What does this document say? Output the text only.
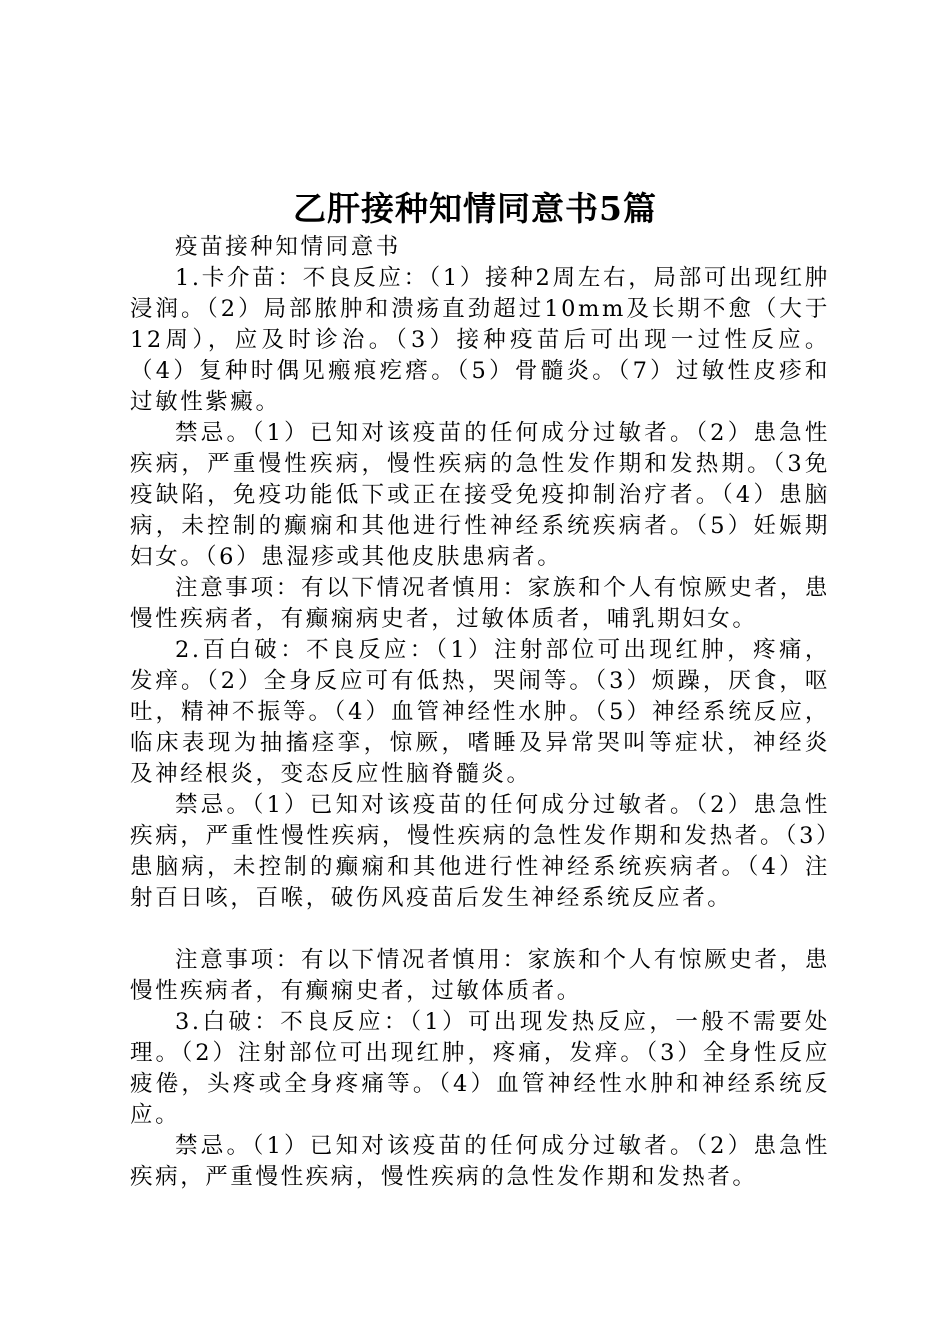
乙肝接种知情同意书5篇

疫苗接种知情同意书

1.卡介苗：不良反应：（1）接种2周左右，局部可出现红肿浸润。（2）局部脓肿和溃疡直劲超过10mm及长期不愈（大于12周），应及时诊治。（3）接种疫苗后可出现一过性反应。（4）复种时偶见瘢痕疙瘩。（5）骨髓炎。（7）过敏性皮疹和过敏性紫癜。

禁忌。（1）已知对该疫苗的任何成分过敏者。（2）患急性疾病，严重慢性疾病，慢性疾病的急性发作期和发热期。（3免疫缺陷，免疫功能低下或正在接受免疫抑制治疗者。（4）患脑病，未控制的癫痫和其他进行性神经系统疾病者。（5）妊娠期妇女。（6）患湿疹或其他皮肤患病者。

注意事项：有以下情况者慎用：家族和个人有惊厥史者，患慢性疾病者，有癫痫病史者，过敏体质者，哺乳期妇女。

2.百白破：不良反应：（1）注射部位可出现红肿，疼痛，发痒。（2）全身反应可有低热，哭闹等。（3）烦躁，厌食，呕吐，精神不振等。（4）血管神经性水肿。（5）神经系统反应，临床表现为抽搐痉挛，惊厥，嗜睡及异常哭叫等症状，神经炎及神经根炎，变态反应性脑脊髓炎。

禁忌。（1）已知对该疫苗的任何成分过敏者。（2）患急性疾病，严重性慢性疾病，慢性疾病的急性发作期和发热者。（3）患脑病，未控制的癫痫和其他进行性神经系统疾病者。（4）注射百日咳，百喉，破伤风疫苗后发生神经系统反应者。

注意事项：有以下情况者慎用：家族和个人有惊厥史者，患慢性疾病者，有癫痫史者，过敏体质者。

3.白破：不良反应：（1）可出现发热反应，一般不需要处理。（2）注射部位可出现红肿，疼痛，发痒。（3）全身性反应疲倦，头疼或全身疼痛等。（4）血管神经性水肿和神经系统反应。

禁忌。（1）已知对该疫苗的任何成分过敏者。（2）患急性疾病，严重慢性疾病，慢性疾病的急性发作期和发热者。
